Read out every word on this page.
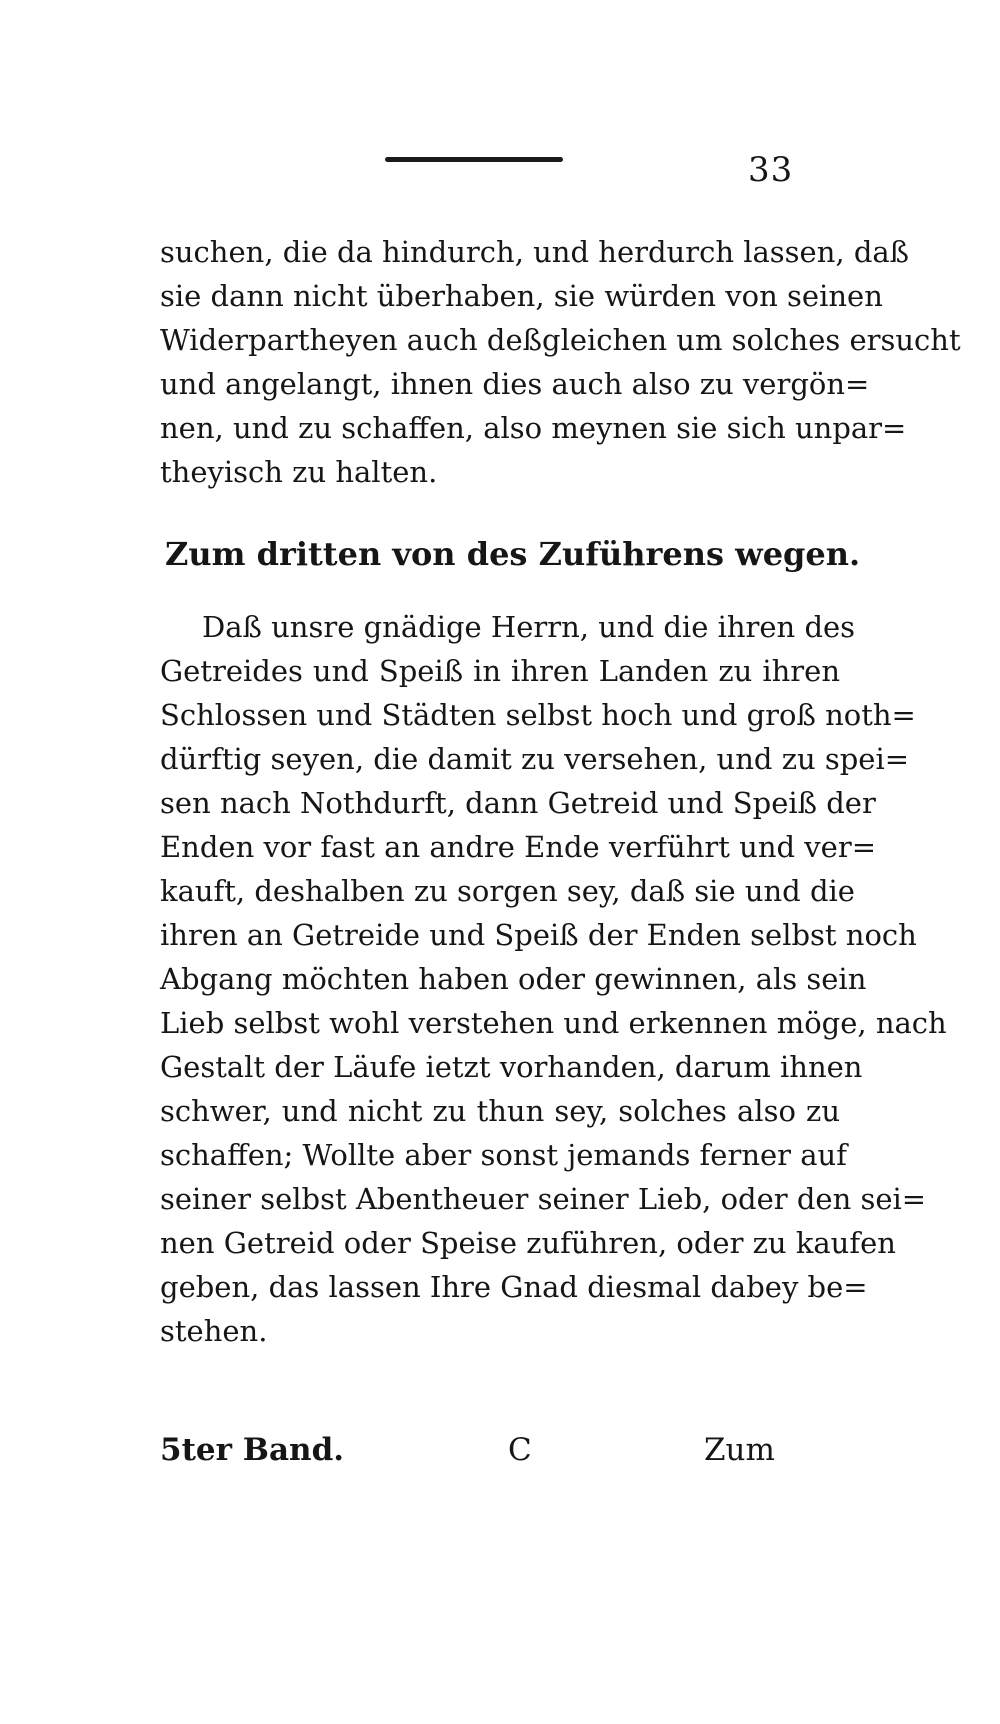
33
suchen, die da hindurch, und herdurch lassen, daß
sie dann nicht überhaben, sie würden von seinen
Widerpartheyen auch deßgleichen um solches ersucht
und angelangt, ihnen dies auch also zu vergön=
nen, und zu schaffen, also meynen sie sich unpar=
theyisch zu halten.
Zum dritten von des Zuführens wegen.
Daß unsre gnädige Herrn, und die ihren des
Getreides und Speiß in ihren Landen zu ihren
Schlossen und Städten selbst hoch und groß noth=
dürftig seyen, die damit zu versehen, und zu spei=
sen nach Nothdurft, dann Getreid und Speiß der
Enden vor fast an andre Ende verführt und ver=
kauft, deshalben zu sorgen sey, daß sie und die
ihren an Getreide und Speiß der Enden selbst noch
Abgang möchten haben oder gewinnen, als sein
Lieb selbst wohl verstehen und erkennen möge, nach
Gestalt der Läufe ietzt vorhanden, darum ihnen
schwer, und nicht zu thun sey, solches also zu
schaffen; Wollte aber sonst jemands ferner auf
seiner selbst Abentheuer seiner Lieb, oder den sei=
nen Getreid oder Speise zuführen, oder zu kaufen
geben, das lassen Ihre Gnad diesmal dabey be=
stehen.
5ter Band.	C	Zum
